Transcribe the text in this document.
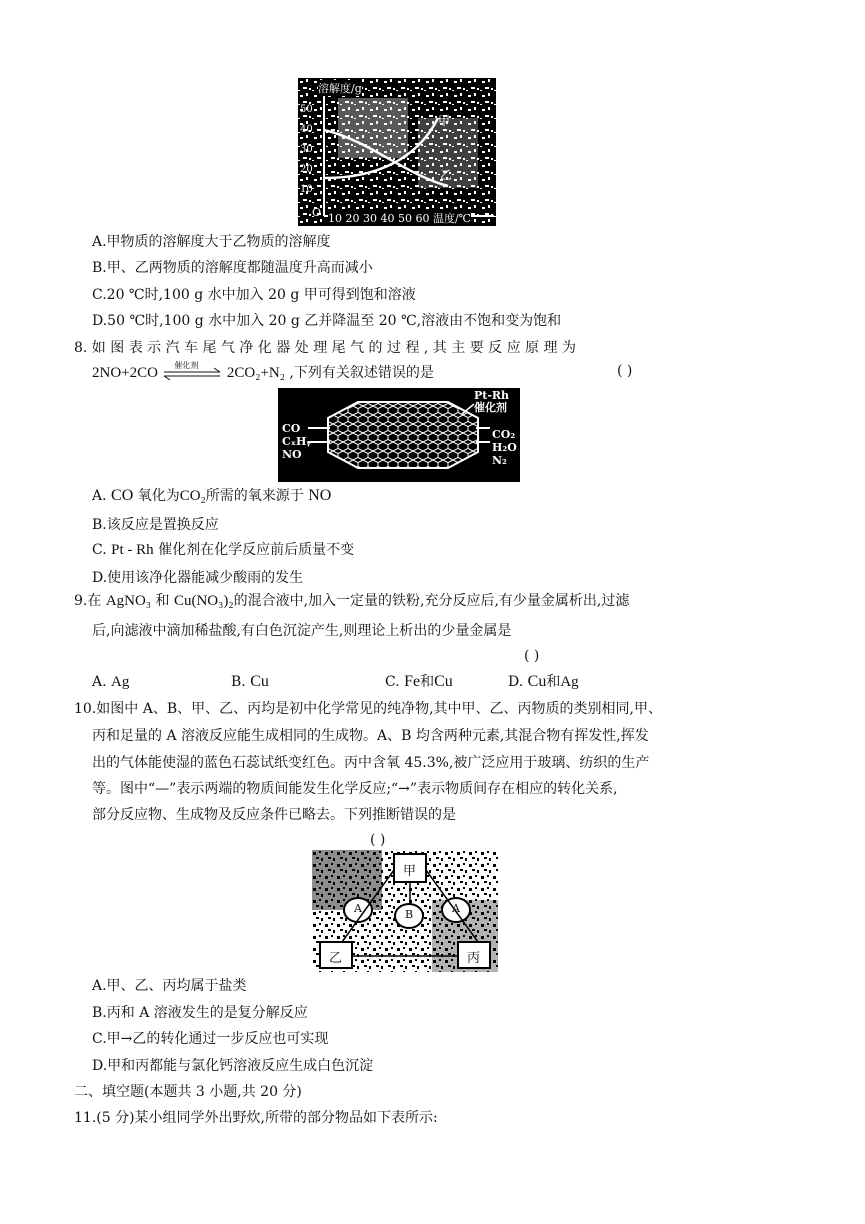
溶解度/g
50
40
30
20
10
O 10 20 30 40 50 60 温度/℃
甲
乙
A.甲物质的溶解度大于乙物质的溶解度
B.甲、乙两物质的溶解度都随温度升高而减小
C.20 ℃时,100 g 水中加入 20 g 甲可得到饱和溶液
D.50 ℃时,100 g 水中加入 20 g 乙并降温至 20 ℃,溶液由不饱和变为饱和
8. 如 图 表 示 汽 车 尾 气 净 化 器 处 理 尾 气 的 过 程 , 其 主 要 反 应 原 理 为
2NO+2CO 催化剂 2CO₂+N₂ ,下列有关叙述错误的是	( )
Pt-Rh 催化剂
CO
CₓHᵧ
NO
CO₂
H₂O
N₂
A. CO 氧化为CO₂所需的氧来源于 NO
B.该反应是置换反应
C. Pt - Rh 催化剂在化学反应前后质量不变
D.使用该净化器能减少酸雨的发生
9.在 AgNO₃ 和 Cu(NO₃)₂的混合液中,加入一定量的铁粉,充分反应后,有少量金属析出,过滤
后,向滤液中滴加稀盐酸,有白色沉淀产生,则理论上析出的少量金属是
( )
A. Ag	B. Cu	C. Fe和Cu	D. Cu和Ag
10.如图中 A、B、甲、乙、丙均是初中化学常见的纯净物,其中甲、乙、丙物质的类别相同,甲、
丙和足量的 A 溶液反应能生成相同的生成物。A、B 均含两种元素,其混合物有挥发性,挥发
出的气体能使湿的蓝色石蕊试纸变红色。丙中含氧 45.3%,被广泛应用于玻璃、纺织的生产
等。图中“—”表示两端的物质间能发生化学反应;“→”表示物质间存在相应的转化关系,
部分反应物、生成物及反应条件已略去。下列推断错误的是
( )
甲
乙	丙
A	B	A
A.甲、乙、丙均属于盐类
B.丙和 A 溶液发生的是复分解反应
C.甲→乙的转化通过一步反应也可实现
D.甲和丙都能与氯化钙溶液反应生成白色沉淀
二、填空题(本题共 3 小题,共 20 分)
11.(5 分)某小组同学外出野炊,所带的部分物品如下表所示:
